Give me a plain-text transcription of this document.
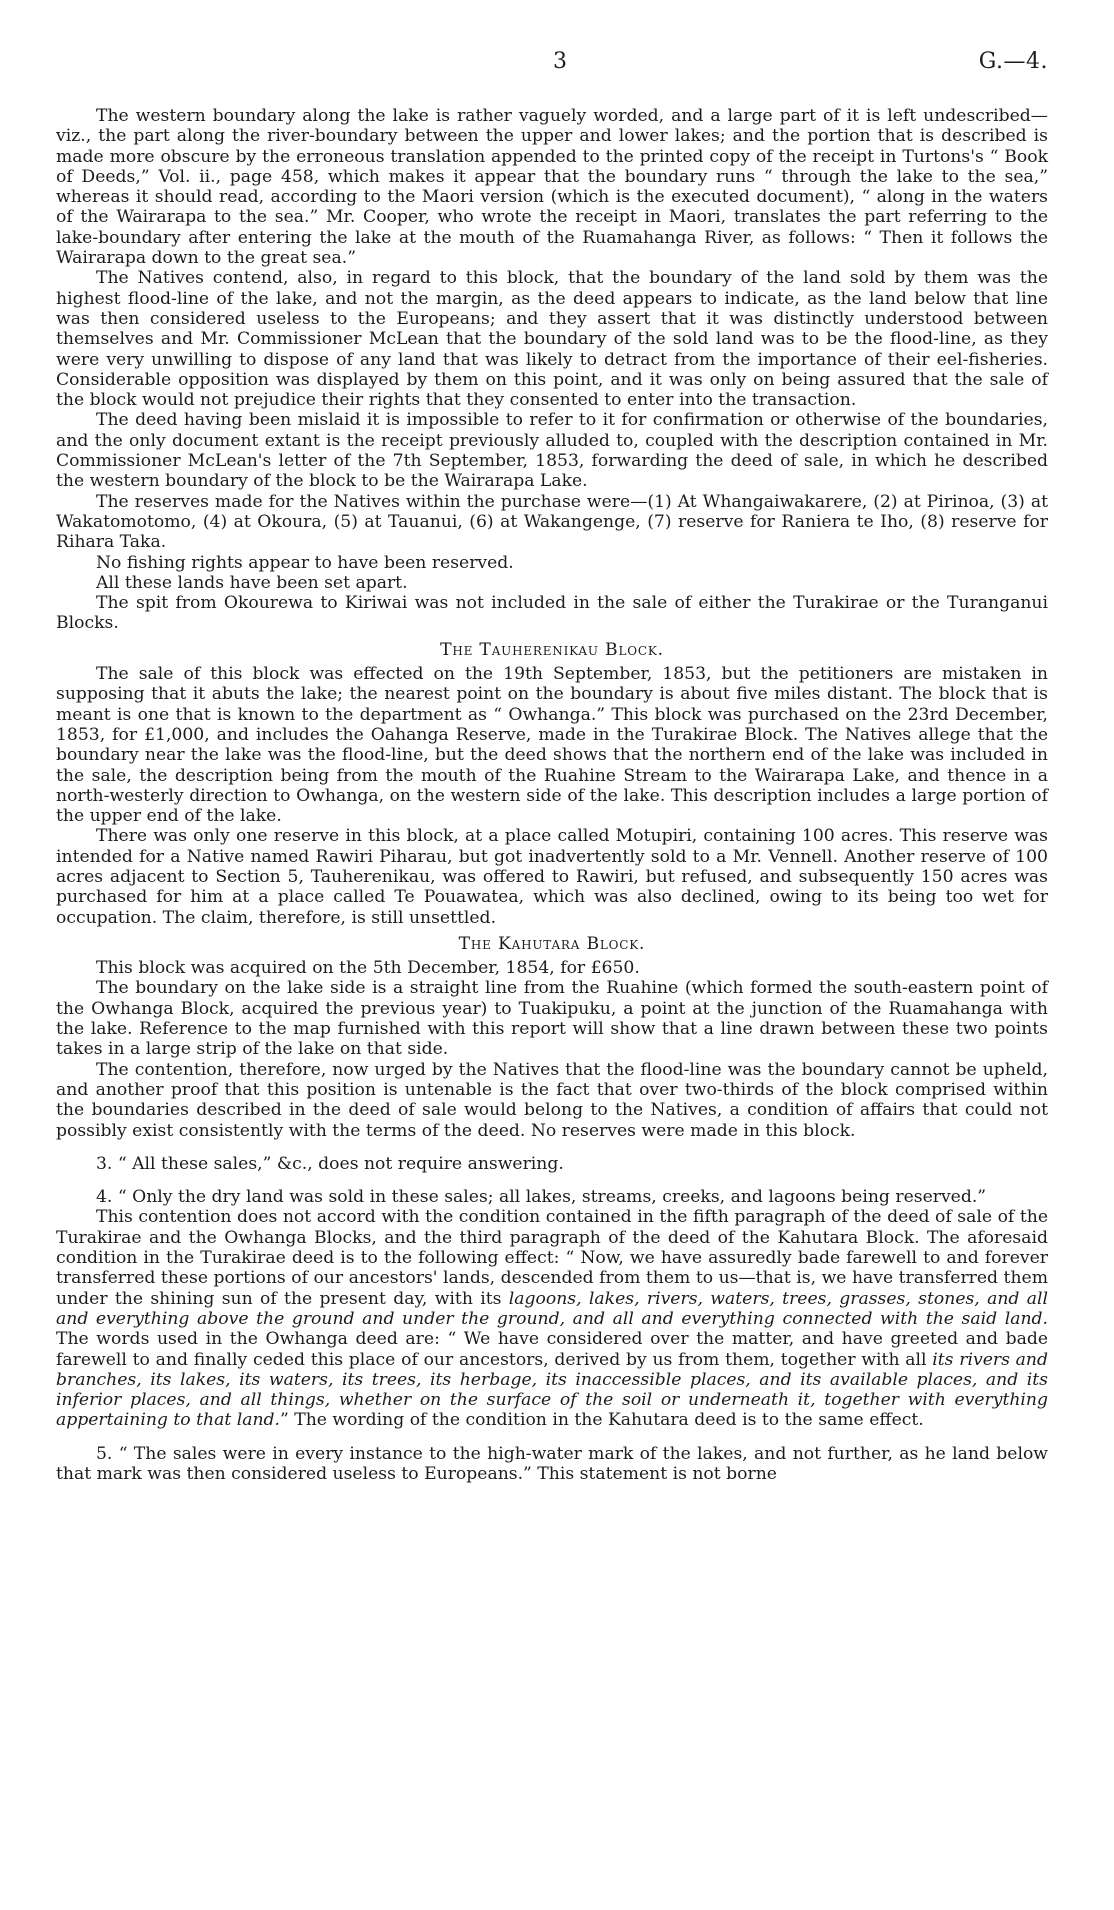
3	G.—4.

The western boundary along the lake is rather vaguely worded, and a large part of it is left undescribed—viz., the part along the river-boundary between the upper and lower lakes; and the portion that is described is made more obscure by the erroneous translation appended to the printed copy of the receipt in Turtons's “ Book of Deeds,” Vol. ii., page 458, which makes it appear that the boundary runs “ through the lake to the sea,” whereas it should read, according to the Maori version (which is the executed document), “ along in the waters of the Wairarapa to the sea.” Mr. Cooper, who wrote the receipt in Maori, translates the part referring to the lake-boundary after entering the lake at the mouth of the Ruamahanga River, as follows: “ Then it follows the Wairarapa down to the great sea.”

The Natives contend, also, in regard to this block, that the boundary of the land sold by them was the highest flood-line of the lake, and not the margin, as the deed appears to indicate, as the land below that line was then considered useless to the Europeans; and they assert that it was distinctly understood between themselves and Mr. Commissioner McLean that the boundary of the sold land was to be the flood-line, as they were very unwilling to dispose of any land that was likely to detract from the importance of their eel-fisheries. Considerable opposition was displayed by them on this point, and it was only on being assured that the sale of the block would not prejudice their rights that they consented to enter into the transaction.

The deed having been mislaid it is impossible to refer to it for confirmation or otherwise of the boundaries, and the only document extant is the receipt previously alluded to, coupled with the description contained in Mr. Commissioner McLean's letter of the 7th September, 1853, forwarding the deed of sale, in which he described the western boundary of the block to be the Wairarapa Lake.

The reserves made for the Natives within the purchase were—(1) At Whangaiwakarere, (2) at Pirinoa, (3) at Wakatomotomo, (4) at Okoura, (5) at Tauanui, (6) at Wakangenge, (7) reserve for Raniera te Iho, (8) reserve for Rihara Taka.

No fishing rights appear to have been reserved.

All these lands have been set apart.

The spit from Okourewa to Kiriwai was not included in the sale of either the Turakirae or the Turanganui Blocks.

The Tauherenikau Block.

The sale of this block was effected on the 19th September, 1853, but the petitioners are mistaken in supposing that it abuts the lake; the nearest point on the boundary is about five miles distant. The block that is meant is one that is known to the department as “ Owhanga.” This block was purchased on the 23rd December, 1853, for £1,000, and includes the Oahanga Reserve, made in the Turakirae Block. The Natives allege that the boundary near the lake was the flood-line, but the deed shows that the northern end of the lake was included in the sale, the description being from the mouth of the Ruahine Stream to the Wairarapa Lake, and thence in a north-westerly direction to Owhanga, on the western side of the lake. This description includes a large portion of the upper end of the lake.

There was only one reserve in this block, at a place called Motupiri, containing 100 acres. This reserve was intended for a Native named Rawiri Piharau, but got inadvertently sold to a Mr. Vennell. Another reserve of 100 acres adjacent to Section 5, Tauherenikau, was offered to Rawiri, but refused, and subsequently 150 acres was purchased for him at a place called Te Pouawatea, which was also declined, owing to its being too wet for occupation. The claim, therefore, is still unsettled.

The Kahutara Block.

This block was acquired on the 5th December, 1854, for £650.

The boundary on the lake side is a straight line from the Ruahine (which formed the south-eastern point of the Owhanga Block, acquired the previous year) to Tuakipuku, a point at the junction of the Ruamahanga with the lake. Reference to the map furnished with this report will show that a line drawn between these two points takes in a large strip of the lake on that side.

The contention, therefore, now urged by the Natives that the flood-line was the boundary cannot be upheld, and another proof that this position is untenable is the fact that over two-thirds of the block comprised within the boundaries described in the deed of sale would belong to the Natives, a condition of affairs that could not possibly exist consistently with the terms of the deed. No reserves were made in this block.

3. “ All these sales,” &c., does not require answering.

4. “ Only the dry land was sold in these sales; all lakes, streams, creeks, and lagoons being reserved.”

This contention does not accord with the condition contained in the fifth paragraph of the deed of sale of the Turakirae and the Owhanga Blocks, and the third paragraph of the deed of the Kahutara Block. The aforesaid condition in the Turakirae deed is to the following effect: “ Now, we have assuredly bade farewell to and forever transferred these portions of our ancestors' lands, descended from them to us—that is, we have transferred them under the shining sun of the present day, with its lagoons, lakes, rivers, waters, trees, grasses, stones, and all and everything above the ground and under the ground, and all and everything connected with the said land. The words used in the Owhanga deed are: “ We have considered over the matter, and have greeted and bade farewell to and finally ceded this place of our ancestors, derived by us from them, together with all its rivers and branches, its lakes, its waters, its trees, its herbage, its inaccessible places, and its available places, and its inferior places, and all things, whether on the surface of the soil or underneath it, together with everything appertaining to that land.” The wording of the condition in the Kahutara deed is to the same effect.

5. “ The sales were in every instance to the high-water mark of the lakes, and not further, as he land below that mark was then considered useless to Europeans.” This statement is not borne
